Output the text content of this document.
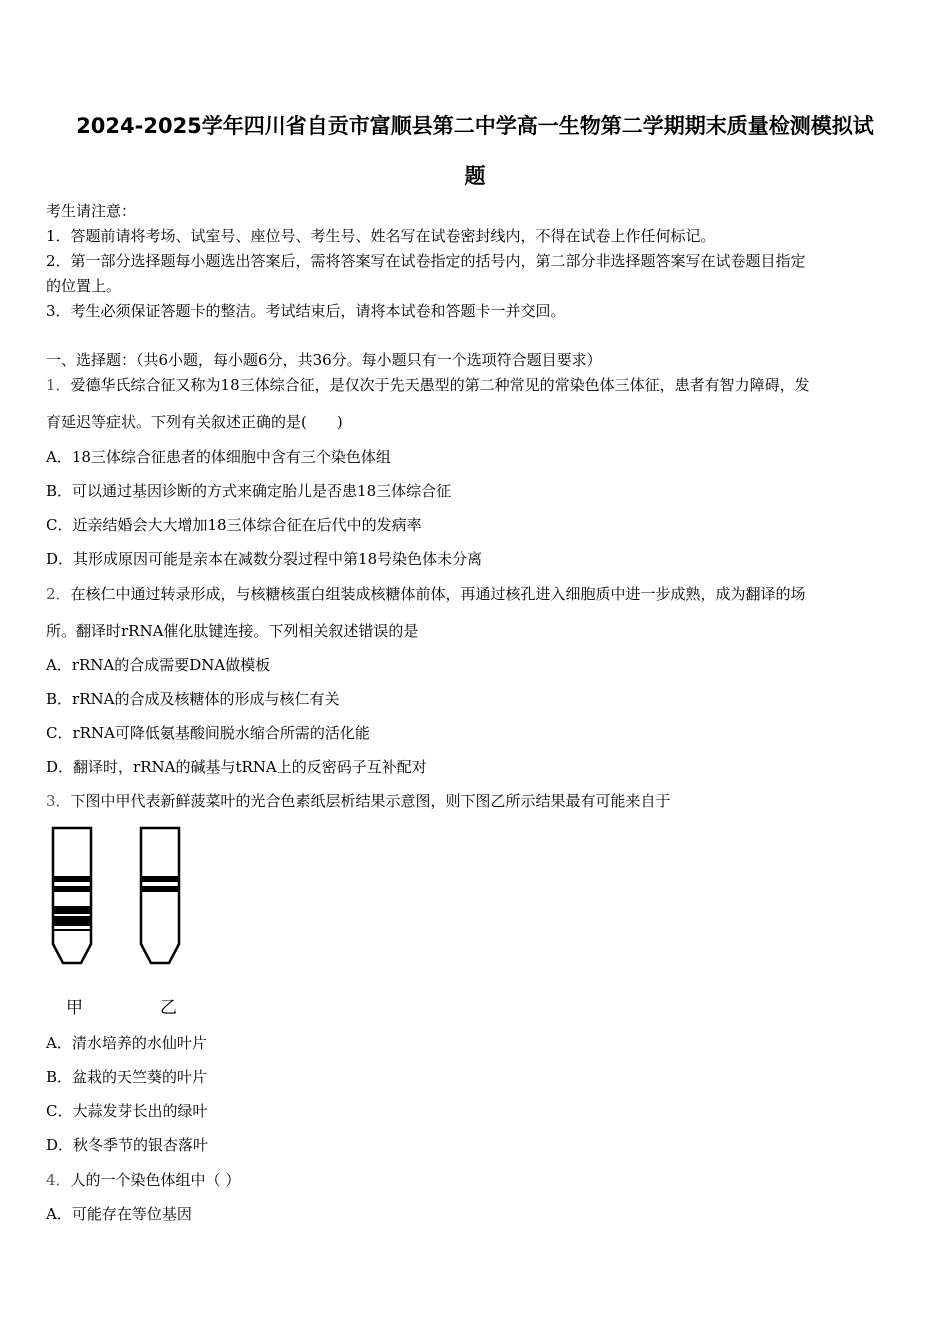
2024-2025学年四川省自贡市富顺县第二中学高一生物第二学期期末质量检测模拟试
题
考生请注意：
1．答题前请将考场、试室号、座位号、考生号、姓名写在试卷密封线内，不得在试卷上作任何标记。
2．第一部分选择题每小题选出答案后，需将答案写在试卷指定的括号内，第二部分非选择题答案写在试卷题目指定
的位置上。
3．考生必须保证答题卡的整洁。考试结束后，请将本试卷和答题卡一并交回。
一、选择题：（共6小题，每小题6分，共36分。每小题只有一个选项符合题目要求）
1．爱德华氏综合征又称为18三体综合征，是仅次于先天愚型的第二种常见的常染色体三体征，患者有智力障碍，发
育延迟等症状。下列有关叙述正确的是(　　)
A．18三体综合征患者的体细胞中含有三个染色体组
B．可以通过基因诊断的方式来确定胎儿是否患18三体综合征
C．近亲结婚会大大增加18三体综合征在后代中的发病率
D．其形成原因可能是亲本在减数分裂过程中第18号染色体未分离
2．在核仁中通过转录形成，与核糖核蛋白组装成核糖体前体，再通过核孔进入细胞质中进一步成熟，成为翻译的场
所。翻译时rRNA催化肽键连接。下列相关叙述错误的是
A．rRNA的合成需要DNA做模板
B．rRNA的合成及核糖体的形成与核仁有关
C．rRNA可降低氨基酸间脱水缩合所需的活化能
D．翻译时，rRNA的碱基与tRNA上的反密码子互补配对
3．下图中甲代表新鲜菠菜叶的光合色素纸层析结果示意图，则下图乙所示结果最有可能来自于
甲	乙
A．清水培养的水仙叶片
B．盆栽的天竺葵的叶片
C．大蒜发芽长出的绿叶
D．秋冬季节的银杏落叶
4．人的一个染色体组中（ ）
A．可能存在等位基因
